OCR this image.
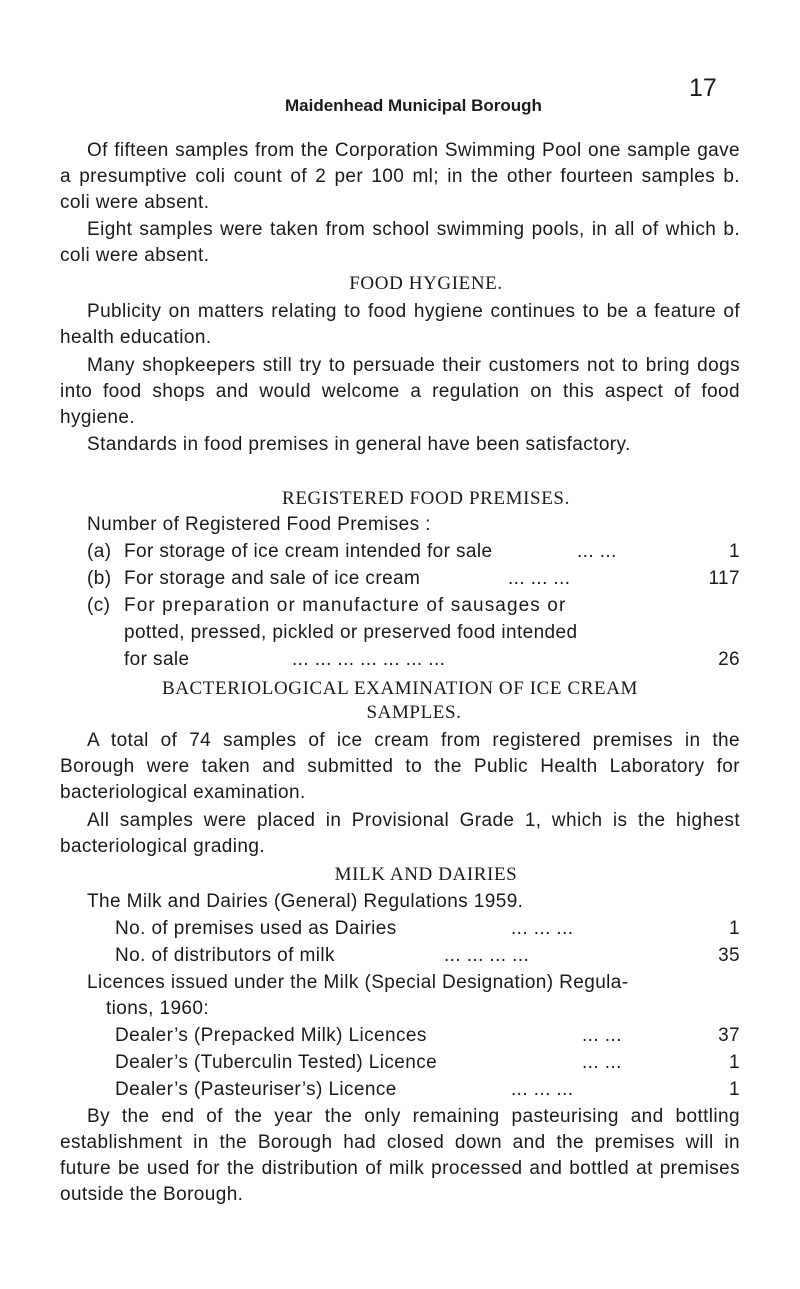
17
Maidenhead Municipal Borough
Of fifteen samples from the Corporation Swimming Pool one sample gave a presumptive coli count of 2 per 100 ml; in the other fourteen samples b. coli were absent.
Eight samples were taken from school swimming pools, in all of which b. coli were absent.
FOOD HYGIENE.
Publicity on matters relating to food hygiene continues to be a feature of health education.
Many shopkeepers still try to persuade their customers not to bring dogs into food shops and would welcome a regulation on this aspect of food hygiene.
Standards in food premises in general have been satisfactory.
REGISTERED FOOD PREMISES.
Number of Registered Food Premises :
(a) For storage of ice cream intended for sale	... ...	1
(b) For storage and sale of ice cream	... ... ...	117
(c) For preparation or manufacture of sausages or
potted, pressed, pickled or preserved food intended
for sale	... ... ... ... ... ... ...	26
BACTERIOLOGICAL EXAMINATION OF ICE CREAM
SAMPLES.
A total of 74 samples of ice cream from registered premises in the Borough were taken and submitted to the Public Health Laboratory for bacteriological examination.
All samples were placed in Provisional Grade 1, which is the highest bacteriological grading.
MILK AND DAIRIES
The Milk and Dairies (General) Regulations 1959.
No. of premises used as Dairies	... ... ...	1
No. of distributors of milk	... ... ... ...	35
Licences issued under the Milk (Special Designation) Regula-
tions, 1960:
Dealer’s (Prepacked Milk) Licences	... ...	37
Dealer’s (Tuberculin Tested) Licence	... ...	1
Dealer’s (Pasteuriser’s) Licence	... ... ...	1
By the end of the year the only remaining pasteurising and bottling establishment in the Borough had closed down and the premises will in future be used for the distribution of milk processed and bottled at premises outside the Borough.
